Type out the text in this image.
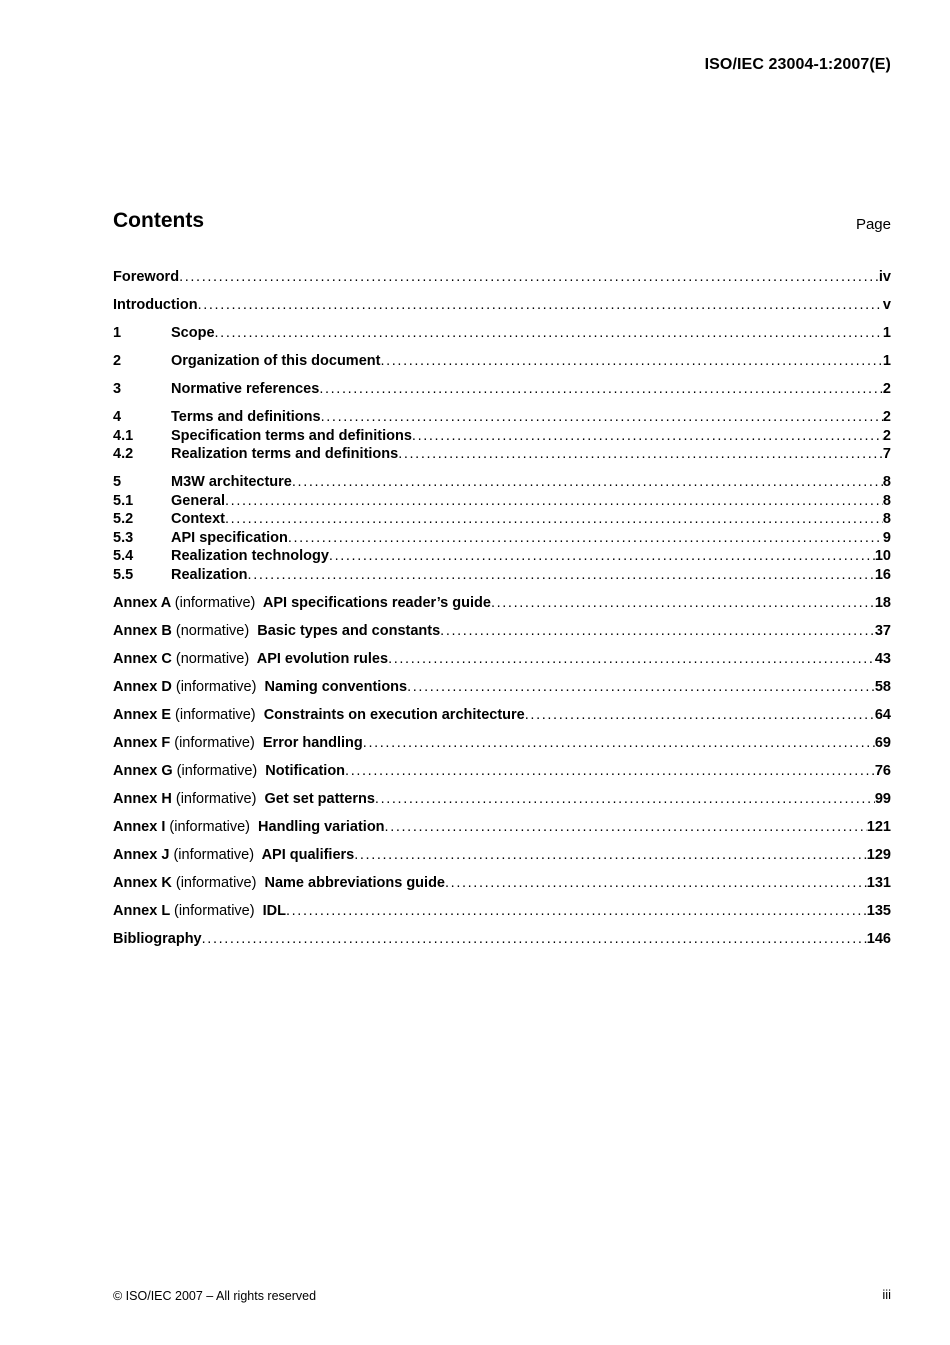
ISO/IEC 23004-1:2007(E)
Contents	Page
Foreword . . .	iv
Introduction . . .	v
1	Scope . . .	1
2	Organization of this document . . .	1
3	Normative references . . .	2
4	Terms and definitions . . .	2
4.1	Specification terms and definitions . . .	2
4.2	Realization terms and definitions . . .	7
5	M3W architecture . . .	8
5.1	General . . .	8
5.2	Context . . .	8
5.3	API specification . . .	9
5.4	Realization technology . . .	10
5.5	Realization . . .	16
Annex A (informative) API specifications reader’s guide . . .	18
Annex B (normative) Basic types and constants . . .	37
Annex C (normative) API evolution rules . . .	43
Annex D (informative) Naming conventions . . .	58
Annex E (informative) Constraints on execution architecture . . .	64
Annex F (informative) Error handling . . .	69
Annex G (informative) Notification . . .	76
Annex H (informative) Get set patterns . . .	99
Annex I (informative) Handling variation . . .	121
Annex J (informative) API qualifiers . . .	129
Annex K (informative) Name abbreviations guide . . .	131
Annex L (informative) IDL . . .	135
Bibliography . . .	146
© ISO/IEC 2007 – All rights reserved	iii
